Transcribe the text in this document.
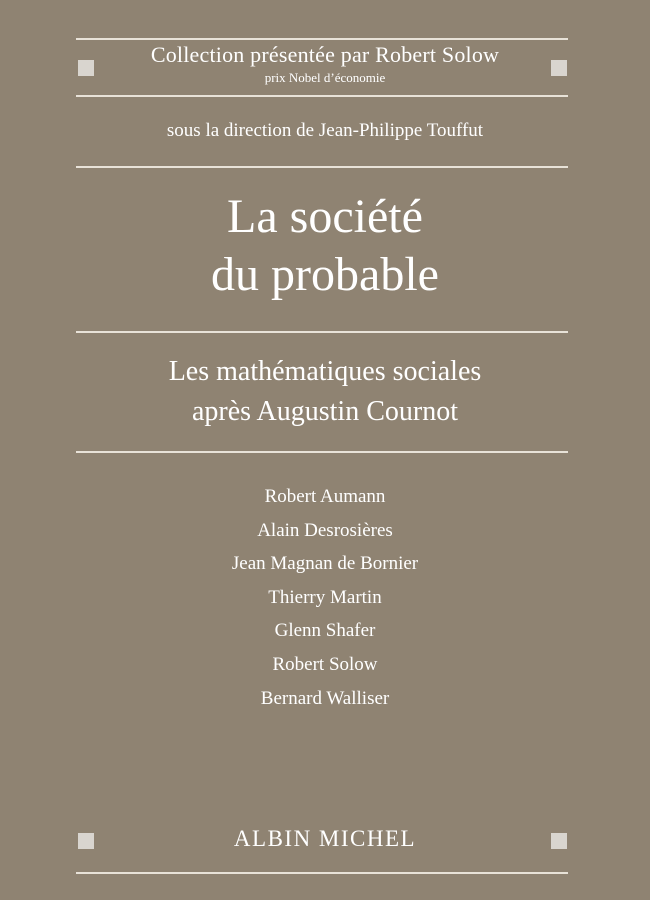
Collection présentée par Robert Solow
prix Nobel d’économie
sous la direction de Jean-Philippe Touffut
La société
du probable
Les mathématiques sociales
après Augustin Cournot
Robert Aumann
Alain Desrosières
Jean Magnan de Bornier
Thierry Martin
Glenn Shafer
Robert Solow
Bernard Walliser
ALBIN MICHEL
